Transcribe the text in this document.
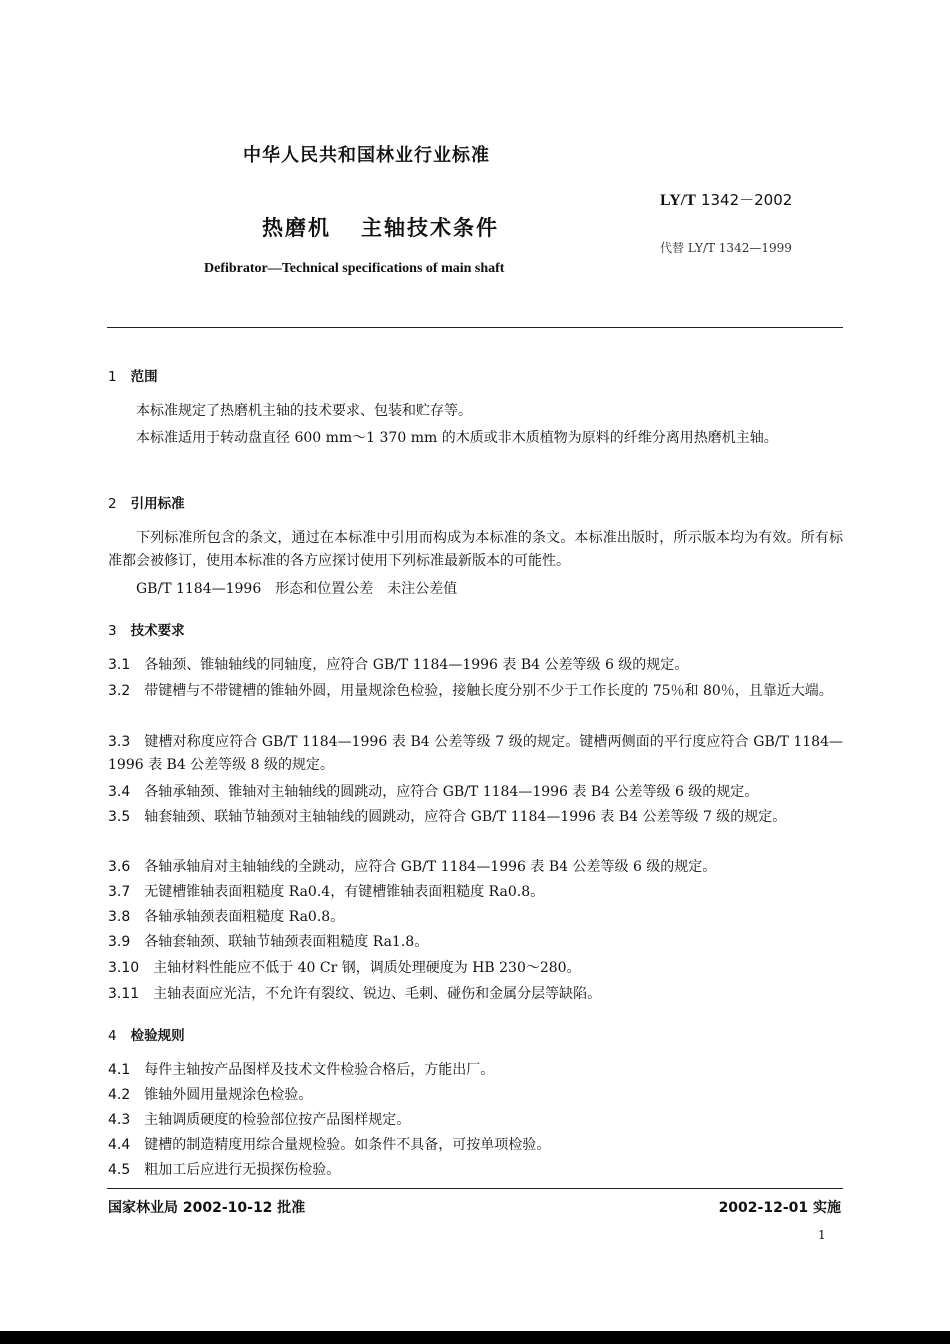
中华人民共和国林业行业标准
LY/T 1342－2002
热磨机 主轴技术条件
代替 LY/T 1342—1999
Defibrator—Technical specifications of main shaft
1 范围
本标准规定了热磨机主轴的技术要求、包装和贮存等。
本标准适用于转动盘直径 600 mm～1 370 mm 的木质或非木质植物为原料的纤维分离用热磨机主轴。
2 引用标准
下列标准所包含的条文，通过在本标准中引用而构成为本标准的条文。本标准出版时，所示版本均为有效。所有标准都会被修订，使用本标准的各方应探讨使用下列标准最新版本的可能性。
GB/T 1184—1996　形态和位置公差　未注公差值
3 技术要求
3.1 各轴颈、锥轴轴线的同轴度，应符合 GB/T 1184—1996 表 B4 公差等级 6 级的规定。
3.2 带键槽与不带键槽的锥轴外圆，用量规涂色检验，接触长度分别不少于工作长度的 75％和 80％，且靠近大端。
3.3 键槽对称度应符合 GB/T 1184—1996 表 B4 公差等级 7 级的规定。键槽两侧面的平行度应符合 GB/T 1184—1996 表 B4 公差等级 8 级的规定。
3.4 各轴承轴颈、锥轴对主轴轴线的圆跳动，应符合 GB/T 1184—1996 表 B4 公差等级 6 级的规定。
3.5 轴套轴颈、联轴节轴颈对主轴轴线的圆跳动，应符合 GB/T 1184—1996 表 B4 公差等级 7 级的规定。
3.6 各轴承轴肩对主轴轴线的全跳动，应符合 GB/T 1184—1996 表 B4 公差等级 6 级的规定。
3.7 无键槽锥轴表面粗糙度 Ra0.4，有键槽锥轴表面粗糙度 Ra0.8。
3.8 各轴承轴颈表面粗糙度 Ra0.8。
3.9 各轴套轴颈、联轴节轴颈表面粗糙度 Ra1.8。
3.10 主轴材料性能应不低于 40 Cr 钢，调质处理硬度为 HB 230～280。
3.11 主轴表面应光洁，不允许有裂纹、锐边、毛刺、碰伤和金属分层等缺陷。
4 检验规则
4.1 每件主轴按产品图样及技术文件检验合格后，方能出厂。
4.2 锥轴外圆用量规涂色检验。
4.3 主轴调质硬度的检验部位按产品图样规定。
4.4 键槽的制造精度用综合量规检验。如条件不具备，可按单项检验。
4.5 粗加工后应进行无损探伤检验。
国家林业局 2002-10-12 批准	2002-12-01 实施
1
